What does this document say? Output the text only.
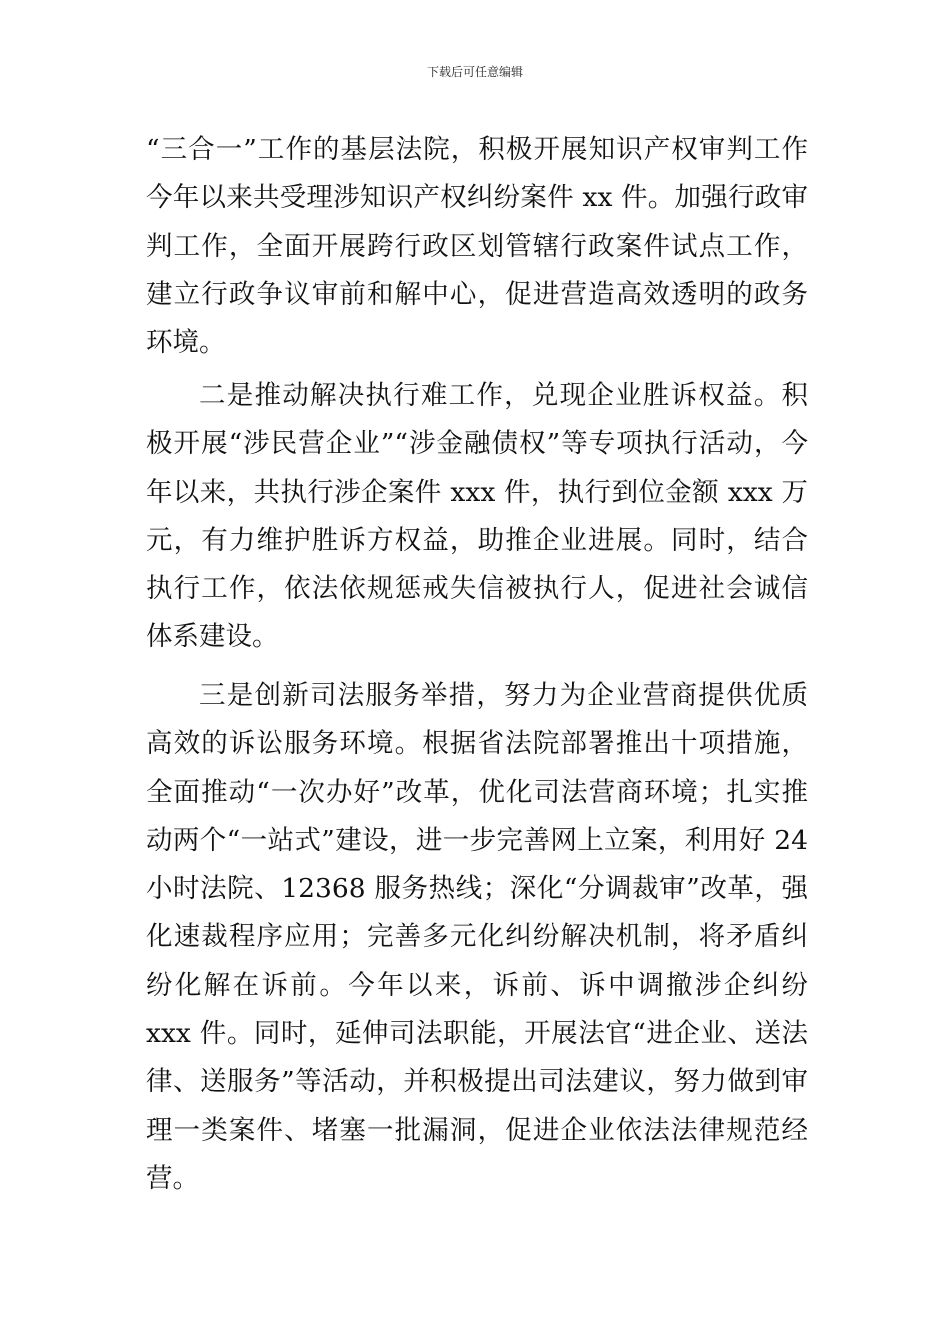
下载后可任意编辑

“三合一”工作的基层法院，积极开展知识产权审判工作今年以来共受理涉知识产权纠纷案件 xx 件。加强行政审判工作，全面开展跨行政区划管辖行政案件试点工作，建立行政争议审前和解中心，促进营造高效透明的政务环境。

二是推动解决执行难工作，兑现企业胜诉权益。积极开展“涉民营企业”“涉金融债权”等专项执行活动，今年以来，共执行涉企案件 xxx 件，执行到位金额 xxx 万元，有力维护胜诉方权益，助推企业进展。同时，结合执行工作，依法依规惩戒失信被执行人，促进社会诚信体系建设。

三是创新司法服务举措，努力为企业营商提供优质高效的诉讼服务环境。根据省法院部署推出十项措施，全面推动“一次办好”改革，优化司法营商环境；扎实推动两个“一站式”建设，进一步完善网上立案，利用好 24 小时法院、12368 服务热线；深化“分调裁审”改革，强化速裁程序应用；完善多元化纠纷解决机制，将矛盾纠纷化解在诉前。今年以来，诉前、诉中调撤涉企纠纷 xxx 件。同时，延伸司法职能，开展法官“进企业、送法律、送服务”等活动，并积极提出司法建议，努力做到审理一类案件、堵塞一批漏洞，促进企业依法法律规范经营。
